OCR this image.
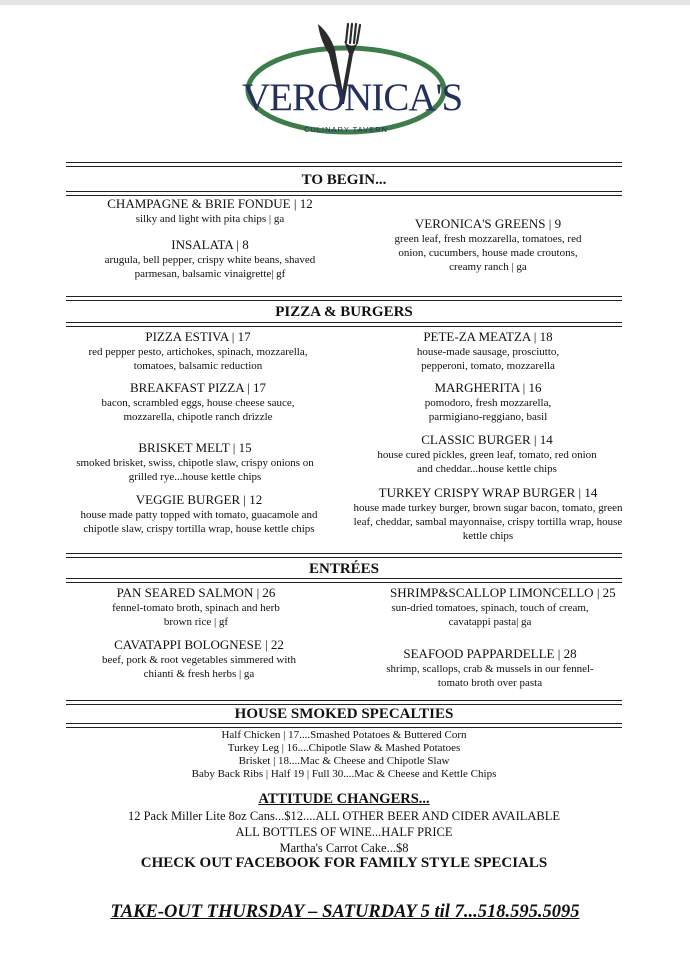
VERONICA'S
CULINARY TAVERN
TO BEGIN...
CHAMPAGNE & BRIE FONDUE | 12
silky and light with pita chips | ga
INSALATA | 8
arugula, bell pepper, crispy white beans, shaved parmesan, balsamic vinaigrette| gf
VERONICA'S GREENS | 9
green leaf, fresh mozzarella, tomatoes, red onion, cucumbers, house made croutons, creamy ranch | ga
PIZZA & BURGERS
PIZZA ESTIVA | 17
red pepper pesto, artichokes, spinach, mozzarella, tomatoes, balsamic reduction
BREAKFAST PIZZA | 17
bacon, scrambled eggs, house cheese sauce, mozzarella, chipotle ranch drizzle
BRISKET MELT | 15
smoked brisket, swiss, chipotle slaw, crispy onions on grilled rye...house kettle chips
VEGGIE BURGER | 12
house made patty topped with tomato, guacamole and chipotle slaw, crispy tortilla wrap, house kettle chips
PETE-ZA MEATZA | 18
house-made sausage, prosciutto, pepperoni, tomato, mozzarella
MARGHERITA | 16
pomodoro, fresh mozzarella, parmigiano-reggiano, basil
CLASSIC BURGER | 14
house cured pickles, green leaf, tomato, red onion and cheddar...house kettle chips
TURKEY CRISPY WRAP BURGER | 14
house made turkey burger, brown sugar bacon, tomato, green leaf, cheddar, sambal mayonnaise, crispy tortilla wrap, house kettle chips
ENTRÉES
PAN SEARED SALMON | 26
fennel-tomato broth, spinach and herb brown rice | gf
CAVATAPPI BOLOGNESE | 22
beef, pork & root vegetables simmered with chianti & fresh herbs | ga
SHRIMP&SCALLOP LIMONCELLO | 25
sun-dried tomatoes, spinach, touch of cream, cavatappi pasta| ga
SEAFOOD PAPPARDELLE | 28
shrimp, scallops, crab & mussels in our fennel-tomato broth over pasta
HOUSE SMOKED SPECALTIES
Half Chicken | 17....Smashed Potatoes & Buttered Corn
Turkey Leg | 16....Chipotle Slaw & Mashed Potatoes
Brisket | 18....Mac & Cheese and Chipotle Slaw
Baby Back Ribs | Half 19 | Full 30....Mac & Cheese and Kettle Chips
ATTITUDE CHANGERS...
12 Pack Miller Lite 8oz Cans...$12....ALL OTHER BEER AND CIDER AVAILABLE
ALL BOTTLES OF WINE...HALF PRICE
Martha's Carrot Cake...$8
CHECK OUT FACEBOOK FOR FAMILY STYLE SPECIALS
TAKE-OUT THURSDAY – SATURDAY 5 til 7...518.595.5095
